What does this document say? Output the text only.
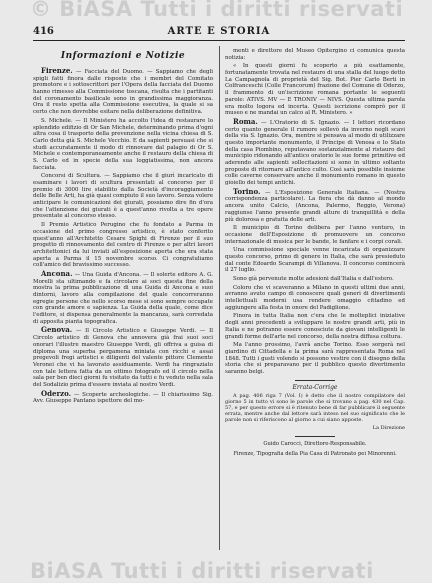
© BiASA Tutti i diritti riservati
416	ARTE E STORIA
Informazioni e Notizie

Firenze. — Facciata del Duomo. — Sappiamo che degli spigli fatti finora dalle risposte che i membri del Comitato promotore e i sottoscrittori per l'Opera della facciata del Duomo hanno rimesso alla Commissione toscana, risulta che i partitanti del coronamento basilicale sono in grandissima maggioranza. Ora il resto spetta alla Commissione esecutiva, la quale si sa certo che non dovrebbe esitare nella deliberazione definitiva.

S. Michele. — Il Ministero ha accolto l'idea di restaurare lo splendido edifizio di Or San Michele, determinando prima d'ogni altra cosa il trasporto della prevenzione nella vicina chiesa di S. Carlo detta già S. Michele Vecchio. E da sapienti persuasi che si studi accuratamente il modo di rinnovare dal palagio di Or S. Michele e contemporaneamente anche il restauro della chiesa di S. Carlo ed in specie della sua loggiatissima, non ancora facciata.

Concorsi di Scultura. — Sappiamo che il giurì incaricato di esaminare i lavori di scultura presentati al concorso per il premio di 3000 lire stabilito dalla Società d'incoraggiamento delle Belle Arti, ha già quasi compiuto il suo lavoro. Senza volere anticipare le comunicazioni dei giurati, possiamo dire fin d'ora che l'attenzione dei giurati è a quest'anno rivolta a tre opere presentate al concorso stesso.

Il Premio Artistico Perugino che fu fondato a Parma in occasione del primo congresso artistico, è stato conferito quest'anno all'Architetto Cesare Spighi di Firenze per il suo progetto di rinnovamento del centro di Firenze e per altri lavori architettonici da lui inviati all'esposizione aperta che era stata aperta a Parma il 15 novembre scorso. Ci congratuliamo coll'amico del bravissimo successo.

Ancona. — Una Guida d'Ancona. — Il solerte editore A. G. Morelli sta ultimando e fa circolare ai soci questa fine della mostra la prima pubblicazione di una Guida di Ancona e suoi dintorni, lavoro alla compilazione del quale concorreranno egregie persone che nello scorso mese si sono sempre occupate con grande amore e sapienza. La Guida della quale, come dice l'editore, si dispensa generalmente la mancanza, sarà corredata di apposita pianta topografica.

Genova. — Il Circolo Artistico e Giuseppe Verdi. — Il Circolo artistico di Genova che annovera già frai suoi soci onorari l'illustre maestro Giuseppe Verdi, gli offriva a guisa di diploma una superba pergamena miniata con ricchi e assai pregevoli fregi artistici e diligenti del valente pittore Clemente Veronei che vi ha lavorato assiduamente. Verdi ha ringraziato con tale lettera fatta da un ottimo fotografo ed il circolo nella sala per ben dieci giorni fu visitato da tutti e fu veduto nella sala del Sodalizio prima d'essere inviata al nostro Verdi.

Oderzo. — Scoperte archeologiche. — Il chiarissimo Sig. Avv. Giuseppe Pantano ispettore del mo-

menti e direttore del Museo Opitergino ci comunica questa notizia:

« In questi giorni fu scoperto a più esattamente, fortunatamente trovata nel restauro di una stalla del luogo detto La Campagnola di proprietà del Sig. Bot. Pier Carlo Berti in Colfranceschi (Colle Francorum) frazione del Comune di Oderzo, il frammento di un'iscrizione romana portante le seguenti parole: ATIVS. MV — E TRONIV — NIVS. Questa ultima parola era molto logora ed incerta. Questi iscrizione comprò per il museo e ne mandai un calco al R. Ministero. »

Roma. — L'Oratorio di S. Ignazio. — I lettori ricordano certo quanto generale il rumore sollevò da inverno negli scavi della via S. Ignazio. Ora, mentre si pensava al modo di utilizzare questo importante monumento, il Principe di Venosa e lo Stato della casa Piombino, reputavano sostanzialmente al ristauro del municipio ridonando all'antico oratorio le sue forme primitive ed aderendo alle sapienti sollecitazioni si sono in ultimo soltanto proposte di ritornare all'antico culto. Così sarà possibile insieme colle caverne conservare anche il monumento romano in questo gioiello dei tempi antichi.

Torino. — L'Esposizione Generale Italiana. — (Nostra corrispondenza particolare). La fiera che dà danno al mondo ancora unito Calcio, (Ancona, Palermo, Reggio, Verona) raggiunse l'anno presente grandi alture di tranquillità e della più dolorosa e gratuita delle arti.

Il municipio di Torino delibera per l'anno venturo, in occasione dell'Esposizione di promuovere un concorso internazionale di musica per le bande, le fanfare e i corpi corali.

Una commissione speciale venne incaricata di organizzare questo concorso, primo di genere in Italia, che sarà presieduto dal conte Edoardo Scarampi di Villanova. Il concorso comincerà il 27 luglio.

Sono già pervenute molte adesioni dall'Italia e dall'estero.

Coloro che vi scaveranno a Milano in questi ultimi due anni, avranno avuto campo di conoscere quali generi di divertimenti intellettuali moderni usa rendere omaggio cittadino ed aggiungere alla festa in onore del Padiglione.

Finora in tutta Italia non c'era che le molteplici iniziative degli anni precedenti a sviluppare le nostre grandi arti, più in Italia e ne potranno essere conosciute da giovani intelligenti le grandi forme dell'arte nel concorso, della nostra diffusa coltura.

Ma l'anno prossimo, l'avrà anche Torino. Esso sorgerà nel giardino di Cittadella e la prima sarà rappresentata Roma nel 1848. Tutti i gusti volendo si possono vestire con il disegno della storia che si preparavano per il pubblico questo divertimento saranno belgi.

Errata-Corrige

A pag. 406 riga 7 (Vol. I) è detto che il nostro compilatore del giorno 5 in tutto vi sono le parole che si trovano a pag. 430 nel Cap. 57, e per questo errore si è ritenuto bene di far pubblicare il seguente errata, mentre anche dal lettore sarà inteso nel suo significato che le parole non si riferiscono al giorno a cui siano apposte.

La Direzione
Guido Carocci, Direttore-Responsabile.
Firenze, Tipografia della Pia Casa di Patronato pei Minorenni.
BiASA Tutti i diritti riservati
